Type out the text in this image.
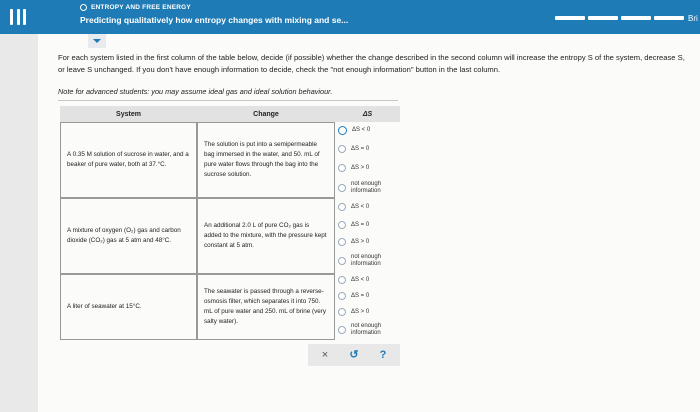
ENTROPY AND FREE ENERGY
Predicting qualitatively how entropy changes with mixing and se...	Bri
For each system listed in the first column of the table below, decide (if possible) whether the change described in the second column will increase the entropy S of the system, decrease S, or leave S unchanged. If you don't have enough information to decide, check the "not enough information" button in the last column.
Note for advanced students: you may assume ideal gas and ideal solution behaviour.
System	Change	ΔS
A 0.35 M solution of sucrose in water, and a beaker of pure water, both at 37.°C.
The solution is put into a semipermeable bag immersed in the water, and 50. mL of pure water flows through the bag into the sucrose solution.
ΔS < 0
ΔS = 0
ΔS > 0
not enough information
A mixture of oxygen (O₂) gas and carbon dioxide (CO₂) gas at 5 atm and 48°C.
An additional 2.0 L of pure CO₂ gas is added to the mixture, with the pressure kept constant at 5 atm.
ΔS < 0
ΔS = 0
ΔS > 0
not enough information
A liter of seawater at 15°C.
The seawater is passed through a reverse-osmosis filter, which separates it into 750. mL of pure water and 250. mL of brine (very salty water).
ΔS < 0
ΔS = 0
ΔS > 0
not enough information
×	↺	?
